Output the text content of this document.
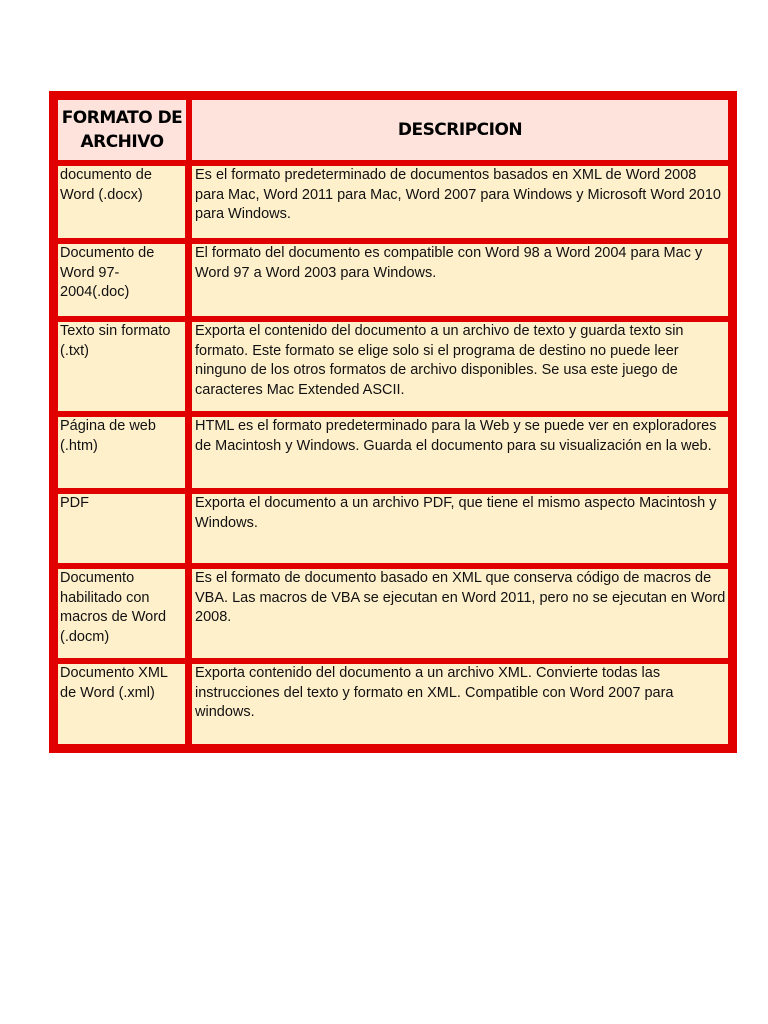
FORMATO DE ARCHIVO	DESCRIPCION
documento de Word (.docx)	Es el formato predeterminado de documentos basados en XML de Word 2008 para Mac, Word 2011 para Mac, Word 2007 para Windows y Microsoft Word 2010 para Windows.
Documento de Word 97-2004(.doc)	El formato del documento es compatible con Word 98 a Word 2004 para Mac y Word 97 a Word 2003 para Windows.
Texto sin formato (.txt)	Exporta el contenido del documento a un archivo de texto y guarda texto sin formato. Este formato se elige solo si el programa de destino no puede leer ninguno de los otros formatos de archivo disponibles. Se usa este juego de caracteres Mac Extended ASCII.
Página de web (.htm)	HTML es el formato predeterminado para la Web y se puede ver en exploradores de Macintosh y Windows. Guarda el documento para su visualización en la web.
PDF	Exporta el documento a un archivo PDF, que tiene el mismo aspecto Macintosh y Windows.
Documento habilitado con macros de Word (.docm)	Es el formato de documento basado en XML que conserva código de macros de VBA. Las macros de VBA se ejecutan en Word 2011, pero no se ejecutan en Word 2008.
Documento XML de Word (.xml)	Exporta contenido del documento a un archivo XML. Convierte todas las instrucciones del texto y formato en XML. Compatible con Word 2007 para windows.
